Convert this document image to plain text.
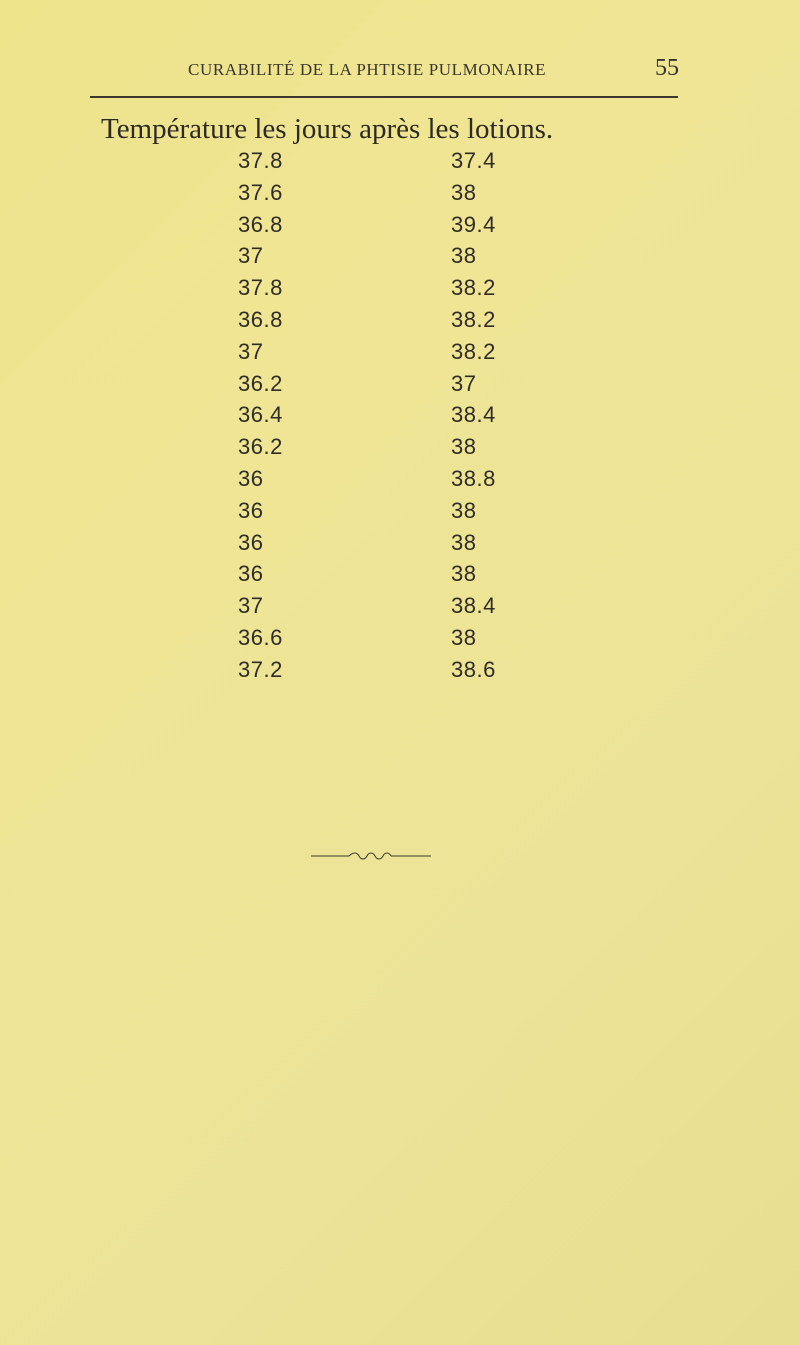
CURABILITÉ DE LA PHTISIE PULMONAIRE	55
Température les jours après les lotions.
37.8	37.4
37.6	38
36.8	39.4
37	38
37.8	38.2
36.8	38.2
37	38.2
36.2	37
36.4	38.4
36.2	38
36	38.8
36	38
36	38
36	38
37	38.4
36.6	38
37.2	38.6
